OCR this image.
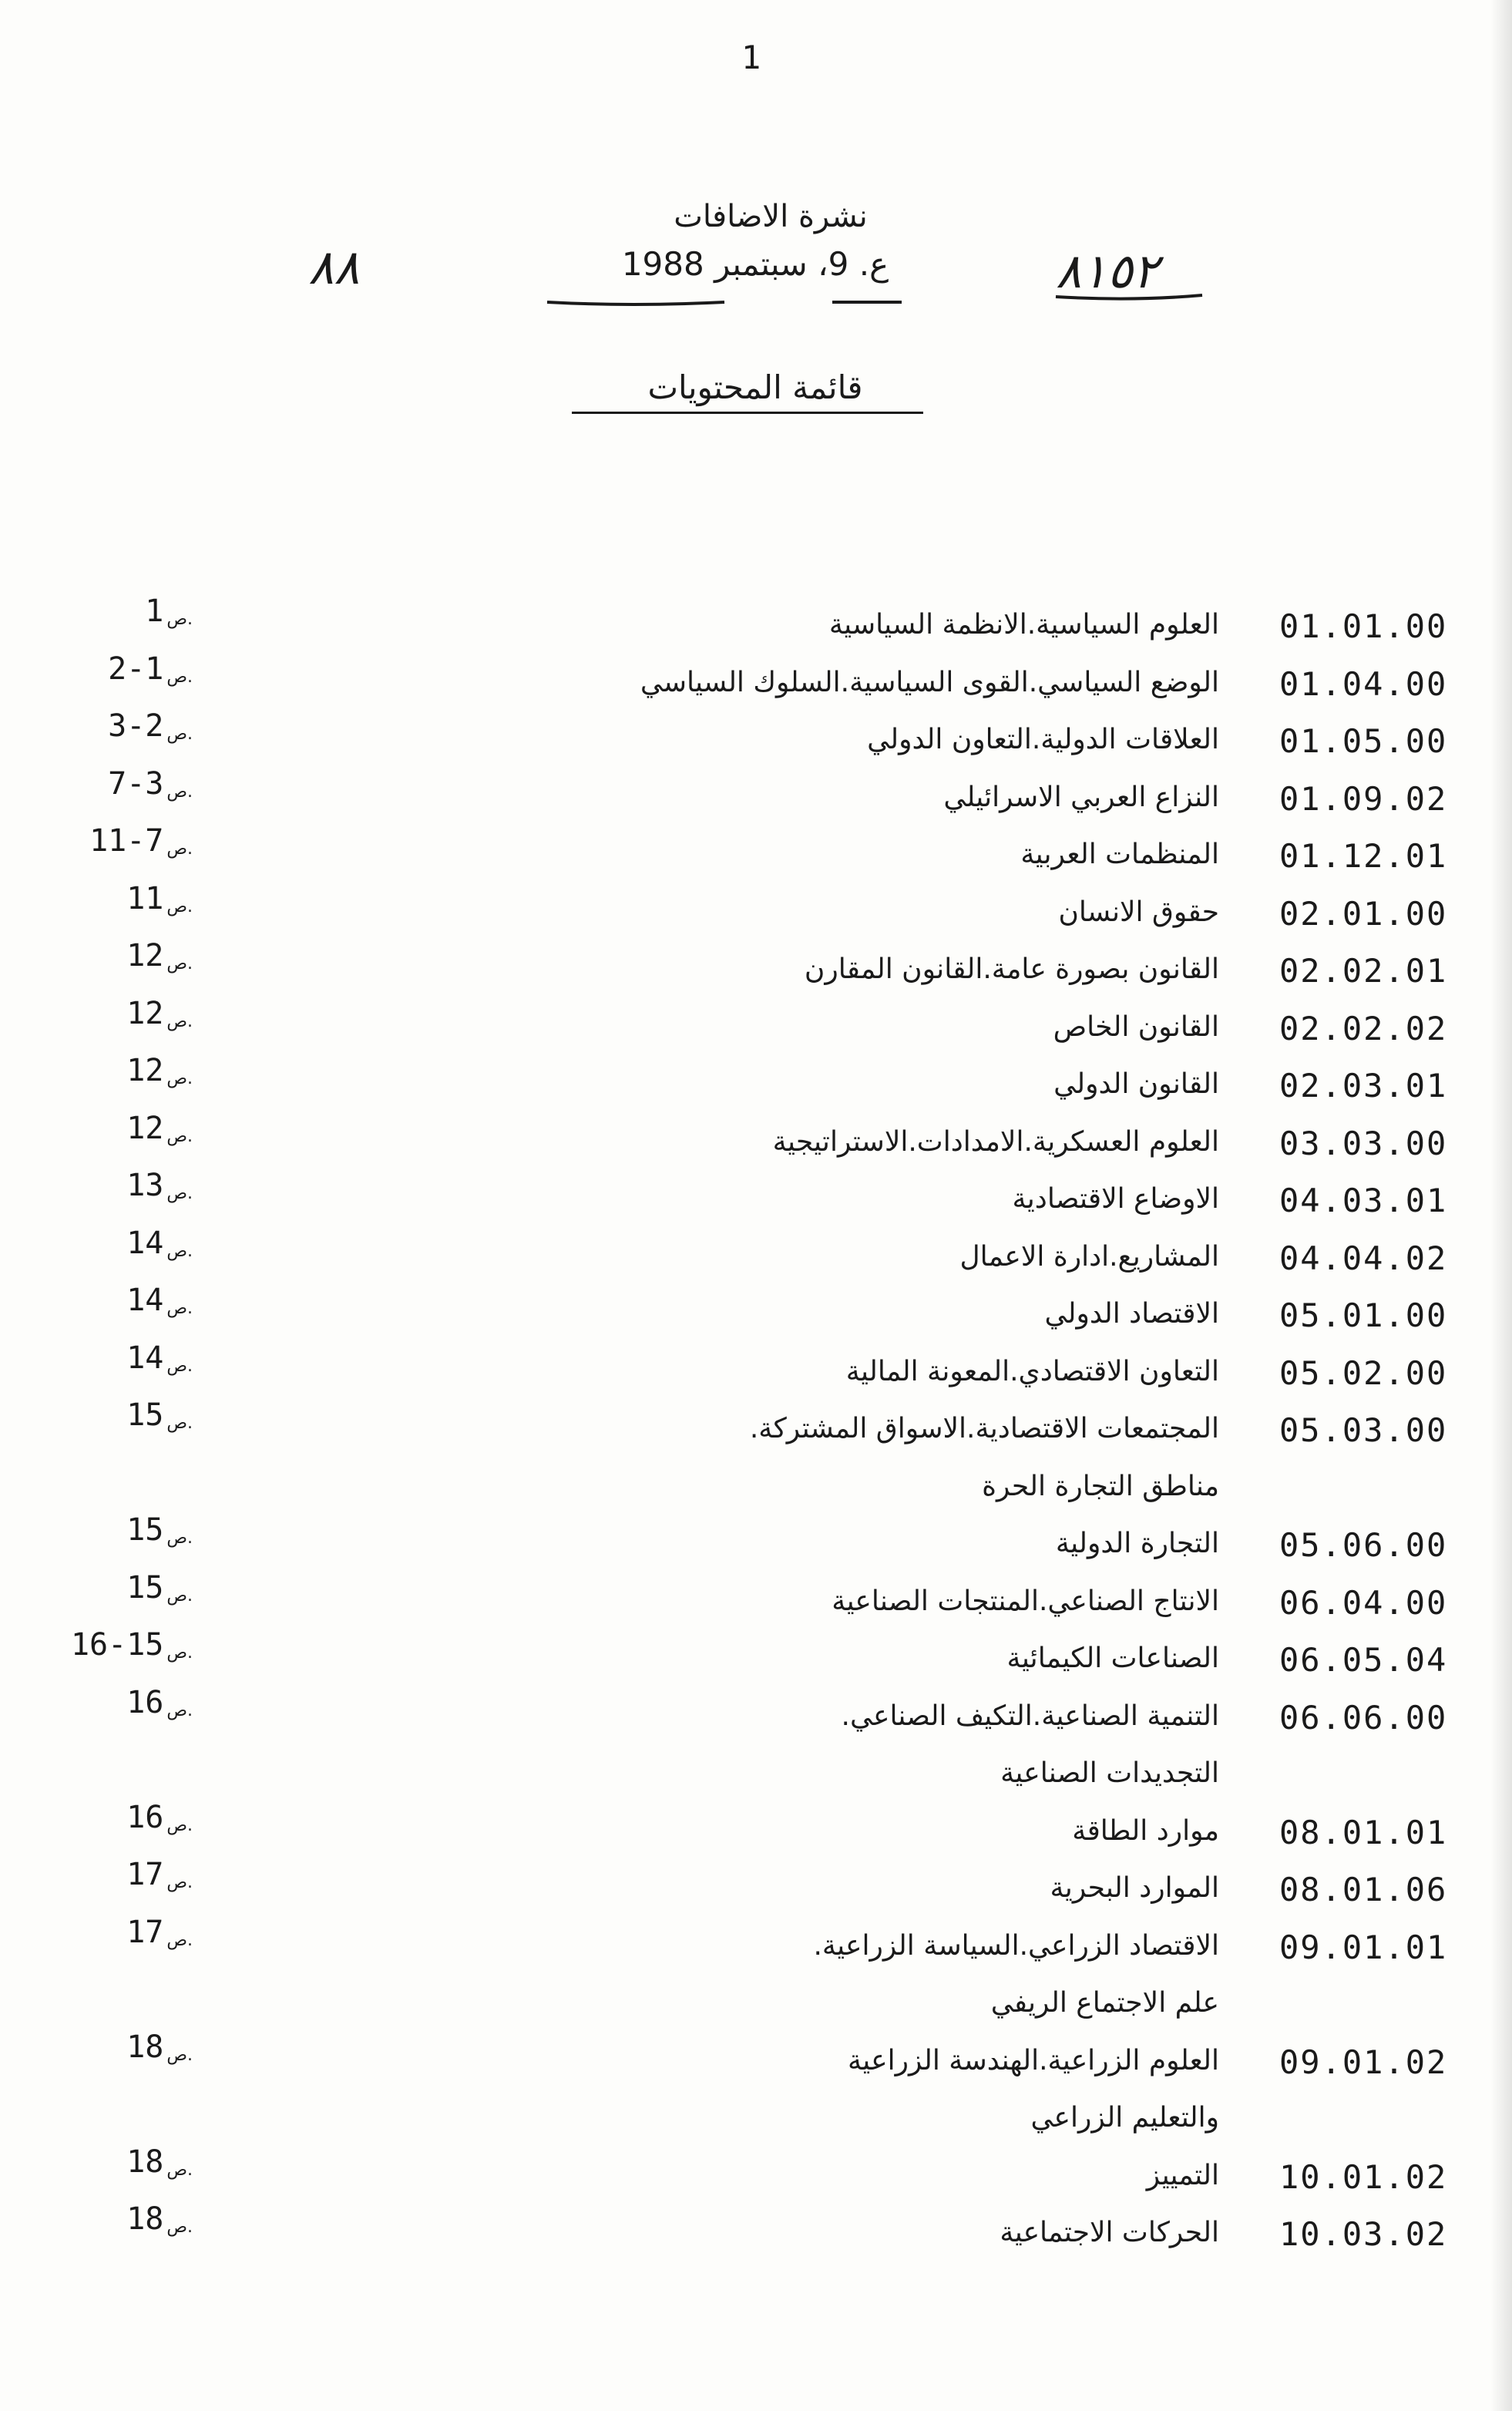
1
نشرة الاضافات
٨٨	ع. 9، سبتمبر 1988	٨١٥٢
قائمة المحتويات
01.01.00
العلوم السياسية.الانظمة السياسية
1 ص.
01.04.00
الوضع السياسي.القوى السياسية.السلوك السياسي
2-1 ص.
01.05.00
العلاقات الدولية.التعاون الدولي
3-2 ص.
01.09.02
النزاع العربي الاسرائيلي
7-3 ص.
01.12.01
المنظمات العربية
11-7 ص.
02.01.00
حقوق الانسان
11 ص.
02.02.01
القانون بصورة عامة.القانون المقارن
12 ص.
02.02.02
القانون الخاص
12 ص.
02.03.01
القانون الدولي
12 ص.
03.03.00
العلوم العسكرية.الامدادات.الاستراتيجية
12 ص.
04.03.01
الاوضاع الاقتصادية
13 ص.
04.04.02
المشاريع.ادارة الاعمال
14 ص.
05.01.00
الاقتصاد الدولي
14 ص.
05.02.00
التعاون الاقتصادي.المعونة المالية
14 ص.
05.03.00
المجتمعات الاقتصادية.الاسواق المشتركة.
مناطق التجارة الحرة
15 ص.
05.06.00
التجارة الدولية
15 ص.
06.04.00
الانتاج الصناعي.المنتجات الصناعية
15 ص.
06.05.04
الصناعات الكيمائية
16-15 ص.
06.06.00
التنمية الصناعية.التكيف الصناعي.
التجديدات الصناعية
16 ص.
08.01.01
موارد الطاقة
16 ص.
08.01.06
الموارد البحرية
17 ص.
09.01.01
الاقتصاد الزراعي.السياسة الزراعية.
علم الاجتماع الريفي
17 ص.
09.01.02
العلوم الزراعية.الهندسة الزراعية
والتعليم الزراعي
18 ص.
10.01.02
التمييز
18 ص.
10.03.02
الحركات الاجتماعية
18 ص.
